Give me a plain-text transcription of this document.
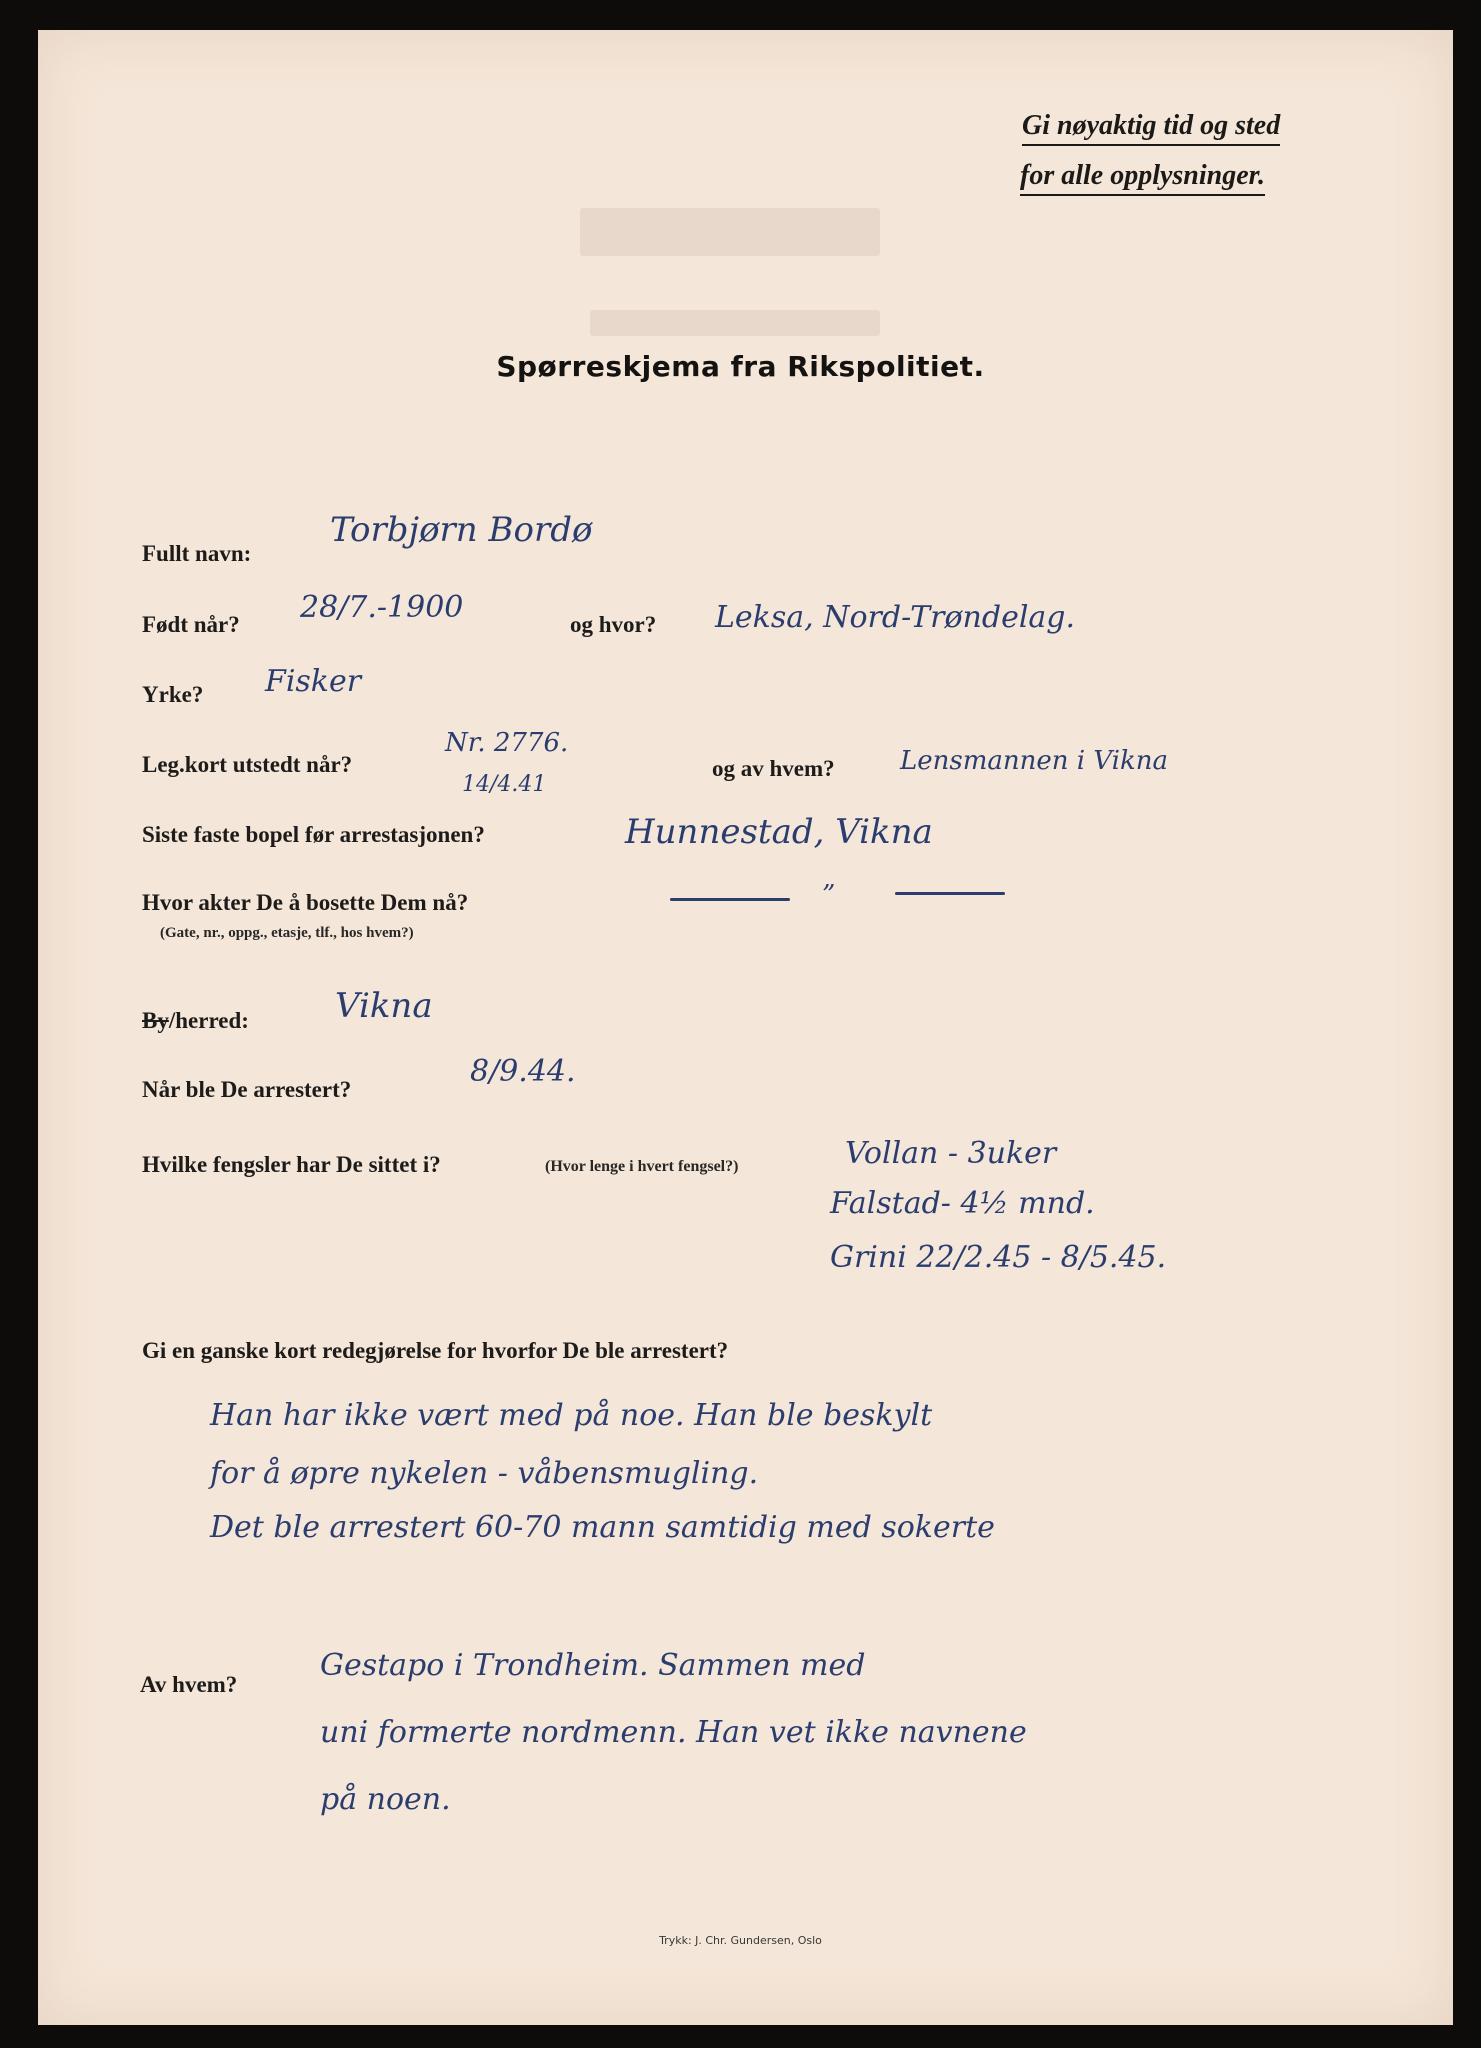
Gi nøyaktig tid og sted
for alle opplysninger.
Spørreskjema fra Rikspolitiet.
Fullt navn:
Torbjørn Bordø
Født når? 28/7.-1900	og hvor? Leksa, Nord-Trøndelag.
Yrke? Fisker
Leg.kort utstedt når?
Nr. 2776.
14/4.41
og av hvem?	Lensmannen i Vikna
Siste faste bopel før arrestasjonen?	Hunnestad, Vikna
Hvor akter De å bosette Dem nå?
(Gate, nr., oppg., etasje, tlf., hos hvem?)
”
By/herred:	Vikna
Når ble De arrestert?
8/9.44.
Hvilke fengsler har De sittet i?	(Hvor lenge i hvert fengsel?)	Vollan - 3uker
Falstad- 4½ mnd.
Grini 22/2.45 - 8/5.45.
Gi en ganske kort redegjørelse for hvorfor De ble arrestert?
Han har ikke vært med på noe. Han ble beskylt
for å øpre nykelen - våbensmugling.
Det ble arrestert 60-70 mann samtidig med sokerte
Av hvem?
Gestapo i Trondheim. Sammen med
uni formerte nordmenn. Han vet ikke navnene
på noen.
Trykk: J. Chr. Gundersen, Oslo
